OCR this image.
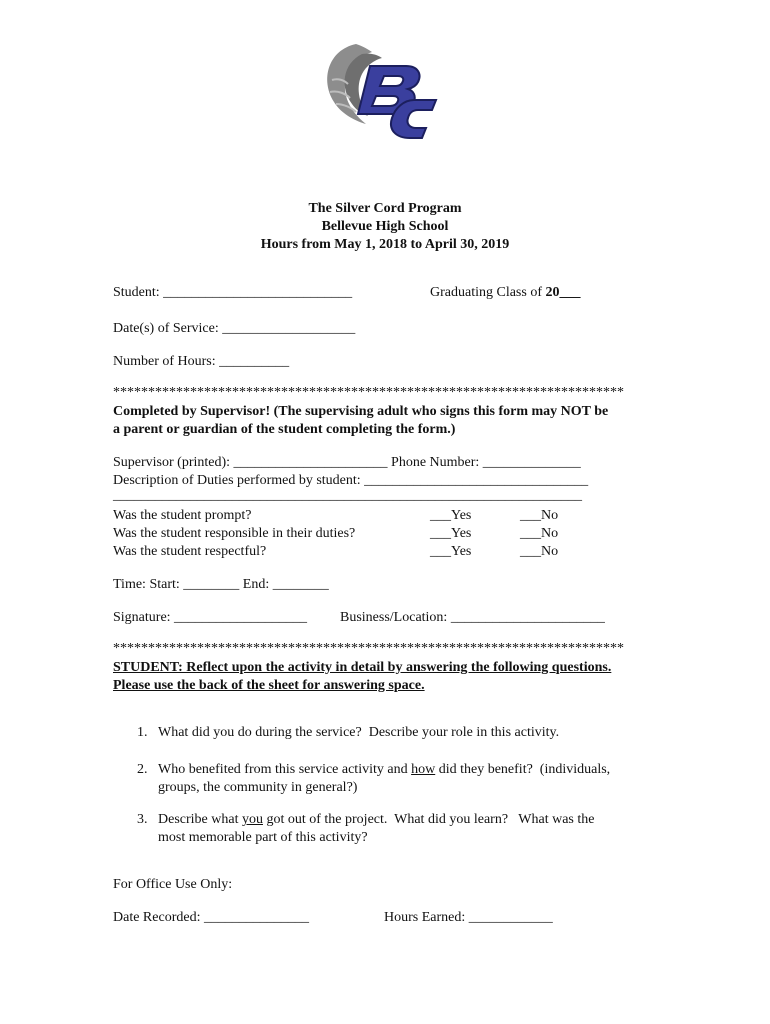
The Silver Cord Program
Bellevue High School
Hours from May 1, 2018 to April 30, 2019
Student: ___________________________	Graduating Class of 20___
Date(s) of Service: ___________________
Number of Hours: __________
*************************************************************************
Completed by Supervisor! (The supervising adult who signs this form may NOT be
a parent or guardian of the student completing the form.)
Supervisor (printed): ______________________ Phone Number: ______________
Description of Duties performed by student: ________________________________
___________________________________________________________________
Was the student prompt?	___Yes	___No
Was the student responsible in their duties?	___Yes	___No
Was the student respectful?	___Yes	___No
Time: Start: ________ End: ________
Signature: ___________________ Business/Location: ______________________
*************************************************************************
STUDENT: Reflect upon the activity in detail by answering the following questions.
Please use the back of the sheet for answering space.
1. What did you do during the service?  Describe your role in this activity.
2. Who benefited from this service activity and how did they benefit?  (individuals,
groups, the community in general?)
3. Describe what you got out of the project.  What did you learn?   What was the
most memorable part of this activity?
For Office Use Only:
Date Recorded: _______________	Hours Earned: ____________
